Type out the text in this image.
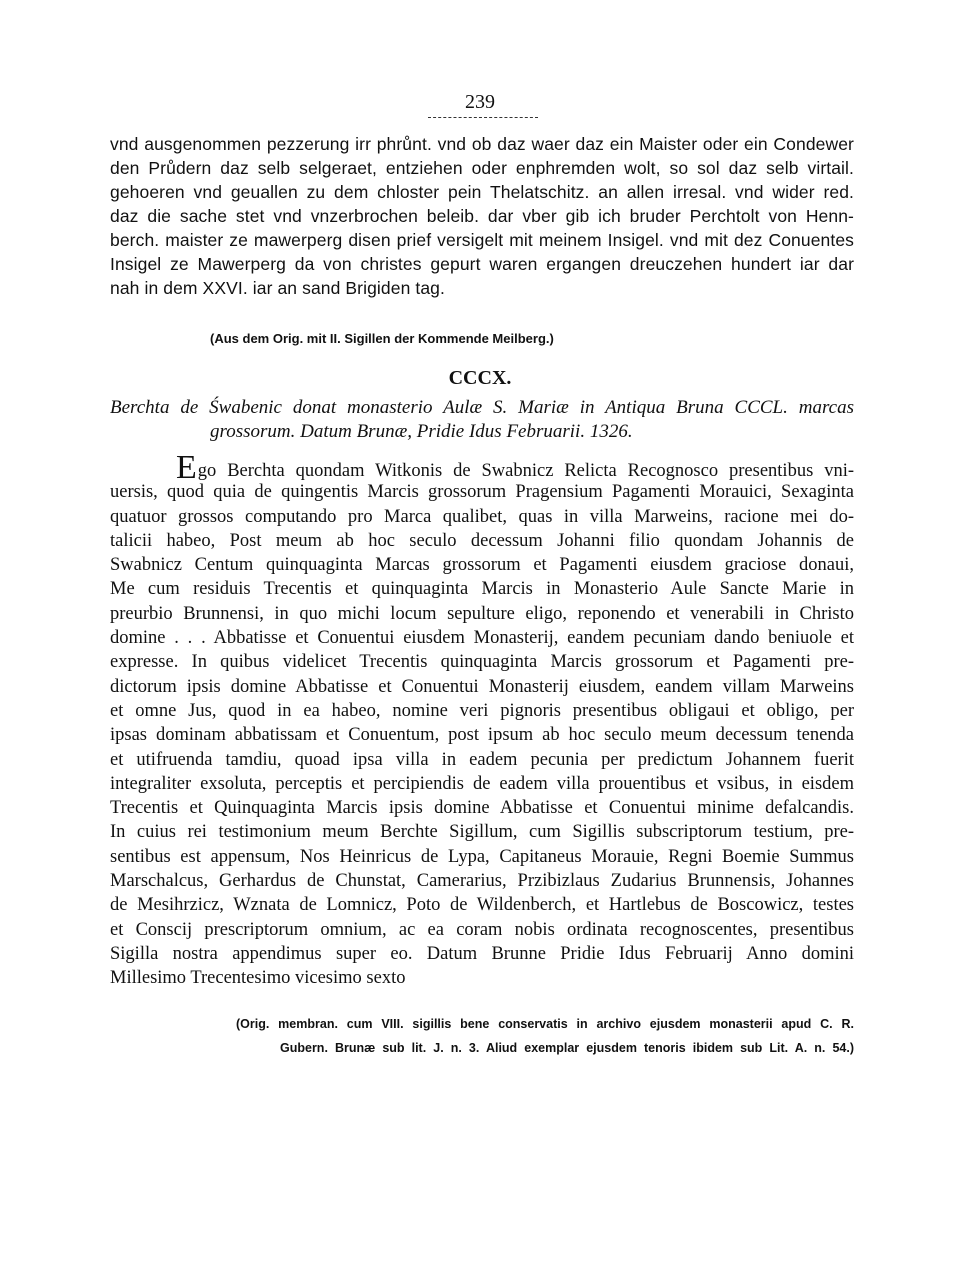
239

vnd ausgenommen pezzerung irr phrůnt. vnd ob daz waer daz ein Maister oder ein Condewer
den Průdern daz selb selgeraet, entziehen oder enphremden wolt, so sol daz selb virtail.
gehoeren vnd geuallen zu dem chloster pein Thelatschitz. an allen irresal. vnd wider red.
daz die sache stet vnd vnzerbrochen beleib. dar vber gib ich bruder Perchtolt von Henn-
berch. maister ze mawerperg disen prief versigelt mit meinem Insigel. vnd mit dez Conuentes
Insigel ze Mawerperg da von christes gepurt waren ergangen dreuczehen hundert iar dar
nah in dem XXVI. iar an sand Brigiden tag.

(Aus dem Orig. mit II. Sigillen der Kommende Meilberg.)

CCCX.

Berchta de Śwabenic donat monasterio Aulæ S. Mariæ in Antiqua Bruna CCCL. marcas
grossorum. Datum Brunæ, Pridie Idus Februarii. 1326.

Ego Berchta quondam Witkonis de Swabnicz Relicta Recognosco presentibus vni-
uersis, quod quia de quingentis Marcis grossorum Pragensium Pagamenti Morauici, Sexaginta
quatuor grossos computando pro Marca qualibet, quas in villa Marweins, racione mei do-
talicii habeo, Post meum ab hoc seculo decessum Johanni filio quondam Johannis de
Swabnicz Centum quinquaginta Marcas grossorum et Pagamenti eiusdem graciose donaui,
Me cum residuis Trecentis et quinquaginta Marcis in Monasterio Aule Sancte Marie in
preurbio Brunnensi, in quo michi locum sepulture eligo, reponendo et venerabili in Christo
domine . . . Abbatisse et Conuentui eiusdem Monasterij, eandem pecuniam dando beniuole et
expresse. In quibus videlicet Trecentis quinquaginta Marcis grossorum et Pagamenti pre-
dictorum ipsis domine Abbatisse et Conuentui Monasterij eiusdem, eandem villam Marweins
et omne Jus, quod in ea habeo, nomine veri pignoris presentibus obligaui et obligo, per
ipsas dominam abbatissam et Conuentum, post ipsum ab hoc seculo meum decessum tenenda
et utifruenda tamdiu, quoad ipsa villa in eadem pecunia per predictum Johannem fuerit
integraliter exsoluta, perceptis et percipiendis de eadem villa prouentibus et vsibus, in eisdem
Trecentis et Quinquaginta Marcis ipsis domine Abbatisse et Conuentui minime defalcandis.
In cuius rei testimonium meum Berchte Sigillum, cum Sigillis subscriptorum testium, pre-
sentibus est appensum, Nos Heinricus de Lypa, Capitaneus Morauie, Regni Boemie Summus
Marschalcus, Gerhardus de Chunstat, Camerarius, Przibizlaus Zudarius Brunnensis, Johannes
de Mesihrzicz, Wznata de Lomnicz, Poto de Wildenberch, et Hartlebus de Boscowicz, testes
et Conscij prescriptorum omnium, ac ea coram nobis ordinata recognoscentes, presentibus
Sigilla nostra appendimus super eo. Datum Brunne Pridie Idus Februarij Anno domini
Millesimo Trecentesimo vicesimo sexto

(Orig. membran. cum VIII. sigillis bene conservatis in archivo ejusdem monasterii apud C. R.
Gubern. Brunæ sub lit. J. n. 3. Aliud exemplar ejusdem tenoris ibidem sub Lit. A. n. 54.)
